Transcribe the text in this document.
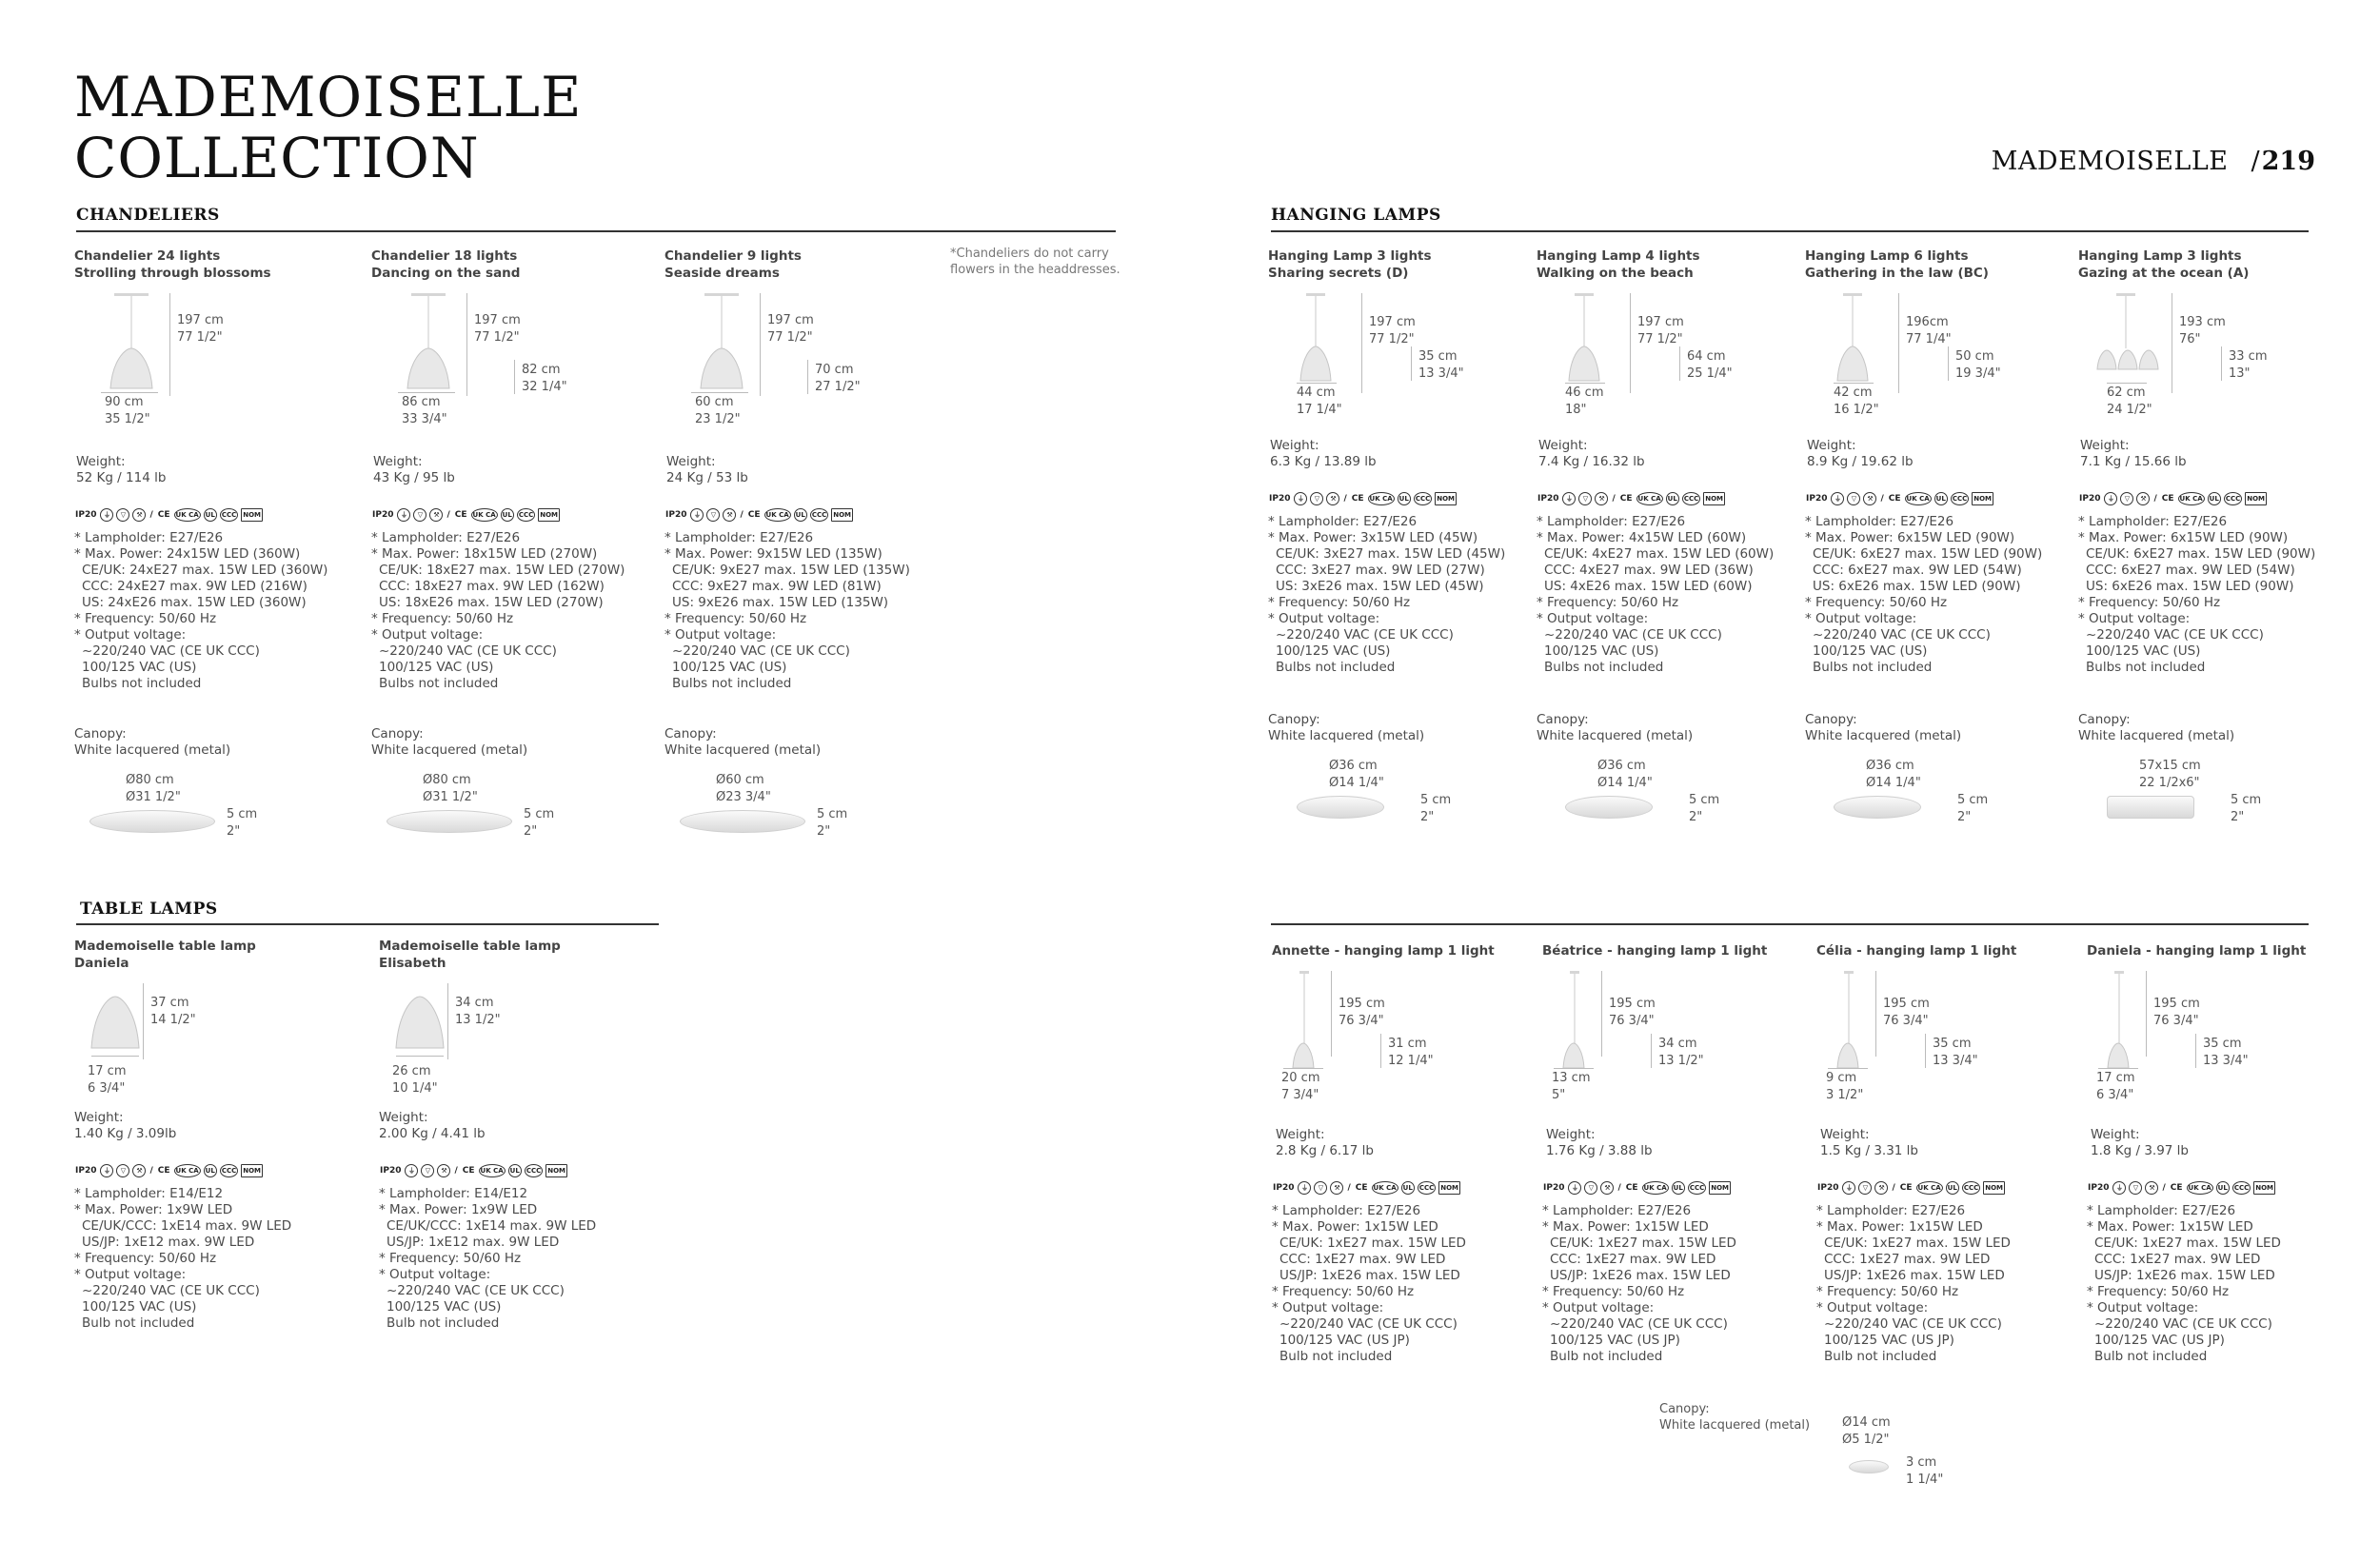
MADEMOISELLE
COLLECTION	MADEMOISELLE /219
CHANDELIERS	HANGING LAMPS
TABLE LAMPS
*Chandeliers do not carry
flowers in the headdresses.
Chandelier 24 lights
Strolling through blossoms
197 cm
77 1/2"
90 cm
35 1/2"
Weight:
52 Kg / 114 lb
IP20	⏚	▽	⚒ / CE UK CA UL CCC NOM
* Lampholder: E27/E26
* Max. Power: 24x15W LED (360W)
CE/UK: 24xE27 max. 15W LED (360W)
CCC: 24xE27 max. 9W LED (216W)
US: 24xE26 max. 15W LED (360W)
* Frequency: 50/60 Hz
* Output voltage:
~220/240 VAC (CE UK CCC)
100/125 VAC (US)
Bulbs not included
Canopy:
White lacquered (metal)
Ø80 cm
Ø31 1/2"
5 cm
2"
Chandelier 18 lights
Dancing on the sand
197 cm
77 1/2"
82 cm
32 1/4"
86 cm
33 3/4"
Weight:
43 Kg / 95 lb
IP20	⏚	▽	⚒ / CE UK CA UL CCC NOM
* Lampholder: E27/E26
* Max. Power: 18x15W LED (270W)
CE/UK: 18xE27 max. 15W LED (270W)
CCC: 18xE27 max. 9W LED (162W)
US: 18xE26 max. 15W LED (270W)
* Frequency: 50/60 Hz
* Output voltage:
~220/240 VAC (CE UK CCC)
100/125 VAC (US)
Bulbs not included
Canopy:
White lacquered (metal)
Ø80 cm
Ø31 1/2"
5 cm
2"
Chandelier 9 lights
Seaside dreams
197 cm
77 1/2"
70 cm
27 1/2"
60 cm
23 1/2"
Weight:
24 Kg / 53 lb
IP20	⏚	▽	⚒ / CE UK CA UL CCC NOM
* Lampholder: E27/E26
* Max. Power: 9x15W LED (135W)
CE/UK: 9xE27 max. 15W LED (135W)
CCC: 9xE27 max. 9W LED (81W)
US: 9xE26 max. 15W LED (135W)
* Frequency: 50/60 Hz
* Output voltage:
~220/240 VAC (CE UK CCC)
100/125 VAC (US)
Bulbs not included
Canopy:
White lacquered (metal)
Ø60 cm
Ø23 3/4"
5 cm
2"
Hanging Lamp 3 lights
Sharing secrets (D)
197 cm
77 1/2"
35 cm
13 3/4"
44 cm
17 1/4"
Weight:
6.3 Kg / 13.89 lb
IP20	⏚	▽	⚒ / CE UK CA UL CCC NOM
* Lampholder: E27/E26
* Max. Power: 3x15W LED (45W)
CE/UK: 3xE27 max. 15W LED (45W)
CCC: 3xE27 max. 9W LED (27W)
US: 3xE26 max. 15W LED (45W)
* Frequency: 50/60 Hz
* Output voltage:
~220/240 VAC (CE UK CCC)
100/125 VAC (US)
Bulbs not included
Canopy:
White lacquered (metal)
Ø36 cm
Ø14 1/4"
5 cm
2"
Hanging Lamp 4 lights
Walking on the beach
197 cm
77 1/2"
64 cm
25 1/4"
46 cm
18"
Weight:
7.4 Kg / 16.32 lb
IP20	⏚	▽	⚒ / CE UK CA UL CCC NOM
* Lampholder: E27/E26
* Max. Power: 4x15W LED (60W)
CE/UK: 4xE27 max. 15W LED (60W)
CCC: 4xE27 max. 9W LED (36W)
US: 4xE26 max. 15W LED (60W)
* Frequency: 50/60 Hz
* Output voltage:
~220/240 VAC (CE UK CCC)
100/125 VAC (US)
Bulbs not included
Canopy:
White lacquered (metal)
Ø36 cm
Ø14 1/4"
5 cm
2"
Hanging Lamp 6 lights
Gathering in the law (BC)
196cm
77 1/4"
50 cm
19 3/4"
42 cm
16 1/2"
Weight:
8.9 Kg / 19.62 lb
IP20	⏚	▽	⚒ / CE UK CA UL CCC NOM
* Lampholder: E27/E26
* Max. Power: 6x15W LED (90W)
CE/UK: 6xE27 max. 15W LED (90W)
CCC: 6xE27 max. 9W LED (54W)
US: 6xE26 max. 15W LED (90W)
* Frequency: 50/60 Hz
* Output voltage:
~220/240 VAC (CE UK CCC)
100/125 VAC (US)
Bulbs not included
Canopy:
White lacquered (metal)
Ø36 cm
Ø14 1/4"
5 cm
2"
Hanging Lamp 3 lights
Gazing at the ocean (A)
193 cm
76"
33 cm
13"
62 cm
24 1/2"
Weight:
7.1 Kg / 15.66 lb
IP20	⏚	▽	⚒ / CE UK CA UL CCC NOM
* Lampholder: E27/E26
* Max. Power: 6x15W LED (90W)
CE/UK: 6xE27 max. 15W LED (90W)
CCC: 6xE27 max. 9W LED (54W)
US: 6xE26 max. 15W LED (90W)
* Frequency: 50/60 Hz
* Output voltage:
~220/240 VAC (CE UK CCC)
100/125 VAC (US)
Bulbs not included
Canopy:
White lacquered (metal)
57x15 cm
22 1/2x6"
5 cm
2"
Mademoiselle table lamp
Daniela
37 cm
14 1/2"
17 cm
6 3/4"
Weight:
1.40 Kg / 3.09lb
IP20	⏚	▽	⚒ / CE UK CA UL CCC NOM
* Lampholder: E14/E12
* Max. Power: 1x9W LED
CE/UK/CCC: 1xE14 max. 9W LED
US/JP: 1xE12 max. 9W LED
* Frequency: 50/60 Hz
* Output voltage:
~220/240 VAC (CE UK CCC)
100/125 VAC (US)
Bulb not included
Mademoiselle table lamp
Elisabeth
34 cm
13 1/2"
26 cm
10 1/4"
Weight:
2.00 Kg / 4.41 lb
IP20	⏚	▽	⚒ / CE UK CA UL CCC NOM
* Lampholder: E14/E12
* Max. Power: 1x9W LED
CE/UK/CCC: 1xE14 max. 9W LED
US/JP: 1xE12 max. 9W LED
* Frequency: 50/60 Hz
* Output voltage:
~220/240 VAC (CE UK CCC)
100/125 VAC (US)
Bulb not included
Annette - hanging lamp 1 light
195 cm
76 3/4"
31 cm
12 1/4"
20 cm
7 3/4"
Weight:
2.8 Kg / 6.17 lb
IP20	⏚	▽	⚒ / CE UK CA UL CCC NOM
* Lampholder: E27/E26
* Max. Power: 1x15W LED
CE/UK: 1xE27 max. 15W LED
CCC: 1xE27 max. 9W LED
US/JP: 1xE26 max. 15W LED
* Frequency: 50/60 Hz
* Output voltage:
~220/240 VAC (CE UK CCC)
100/125 VAC (US JP)
Bulb not included
Béatrice - hanging lamp 1 light
195 cm
76 3/4"
34 cm
13 1/2"
13 cm
5"
Weight:
1.76 Kg / 3.88 lb
IP20	⏚	▽	⚒ / CE UK CA UL CCC NOM
* Lampholder: E27/E26
* Max. Power: 1x15W LED
CE/UK: 1xE27 max. 15W LED
CCC: 1xE27 max. 9W LED
US/JP: 1xE26 max. 15W LED
* Frequency: 50/60 Hz
* Output voltage:
~220/240 VAC (CE UK CCC)
100/125 VAC (US JP)
Bulb not included
Célia - hanging lamp 1 light
195 cm
76 3/4"
35 cm
13 3/4"
9 cm
3 1/2"
Weight:
1.5 Kg / 3.31 lb
IP20	⏚	▽	⚒ / CE UK CA UL CCC NOM
* Lampholder: E27/E26
* Max. Power: 1x15W LED
CE/UK: 1xE27 max. 15W LED
CCC: 1xE27 max. 9W LED
US/JP: 1xE26 max. 15W LED
* Frequency: 50/60 Hz
* Output voltage:
~220/240 VAC (CE UK CCC)
100/125 VAC (US JP)
Bulb not included
Daniela - hanging lamp 1 light
195 cm
76 3/4"
35 cm
13 3/4"
17 cm
6 3/4"
Weight:
1.8 Kg / 3.97 lb
IP20	⏚	▽	⚒ / CE UK CA UL CCC NOM
* Lampholder: E27/E26
* Max. Power: 1x15W LED
CE/UK: 1xE27 max. 15W LED
CCC: 1xE27 max. 9W LED
US/JP: 1xE26 max. 15W LED
* Frequency: 50/60 Hz
* Output voltage:
~220/240 VAC (CE UK CCC)
100/125 VAC (US JP)
Bulb not included
Canopy:
White lacquered (metal)	Ø14 cm
Ø5 1/2"
3 cm
1 1/4"
